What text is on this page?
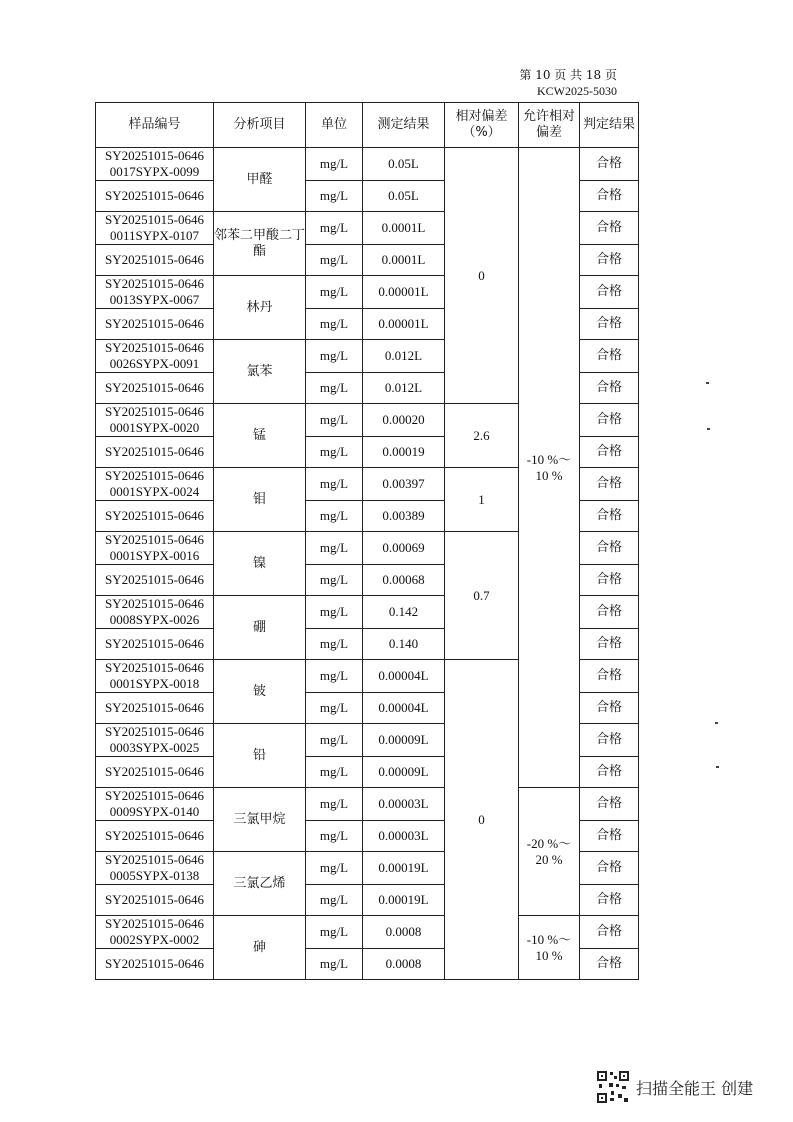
第 10 页 共 18 页
KCW2025-5030
样品编号	分析项目	单位	测定结果	相对偏差（%）	允许相对偏差	判定结果
SY20251015-0646 0017SYPX-0099	甲醛	mg/L	0.05L	0	-10 %～ 10 %	合格
SY20251015-0646		mg/L	0.05L			合格
SY20251015-0646 0011SYPX-0107	邻苯二甲酸二丁酯	mg/L	0.0001L			合格
SY20251015-0646		mg/L	0.0001L			合格
SY20251015-0646 0013SYPX-0067	林丹	mg/L	0.00001L			合格
SY20251015-0646		mg/L	0.00001L			合格
SY20251015-0646 0026SYPX-0091	氯苯	mg/L	0.012L			合格
SY20251015-0646		mg/L	0.012L			合格
SY20251015-0646 0001SYPX-0020	锰	mg/L	0.00020	2.6		合格
SY20251015-0646		mg/L	0.00019			合格
SY20251015-0646 0001SYPX-0024	钼	mg/L	0.00397	1		合格
SY20251015-0646		mg/L	0.00389			合格
SY20251015-0646 0001SYPX-0016	镍	mg/L	0.00069	0.7		合格
SY20251015-0646		mg/L	0.00068			合格
SY20251015-0646 0008SYPX-0026	硼	mg/L	0.142			合格
SY20251015-0646		mg/L	0.140			合格
SY20251015-0646 0001SYPX-0018	铍	mg/L	0.00004L	0		合格
SY20251015-0646		mg/L	0.00004L			合格
SY20251015-0646 0003SYPX-0025	铅	mg/L	0.00009L			合格
SY20251015-0646		mg/L	0.00009L			合格
SY20251015-0646 0009SYPX-0140	三氯甲烷	mg/L	0.00003L		-20 %～ 20 %	合格
SY20251015-0646		mg/L	0.00003L			合格
SY20251015-0646 0005SYPX-0138	三氯乙烯	mg/L	0.00019L			合格
SY20251015-0646		mg/L	0.00019L			合格
SY20251015-0646 0002SYPX-0002	砷	mg/L	0.0008		-10 %～ 10 %	合格
SY20251015-0646		mg/L	0.0008			合格
扫描全能王 创建
